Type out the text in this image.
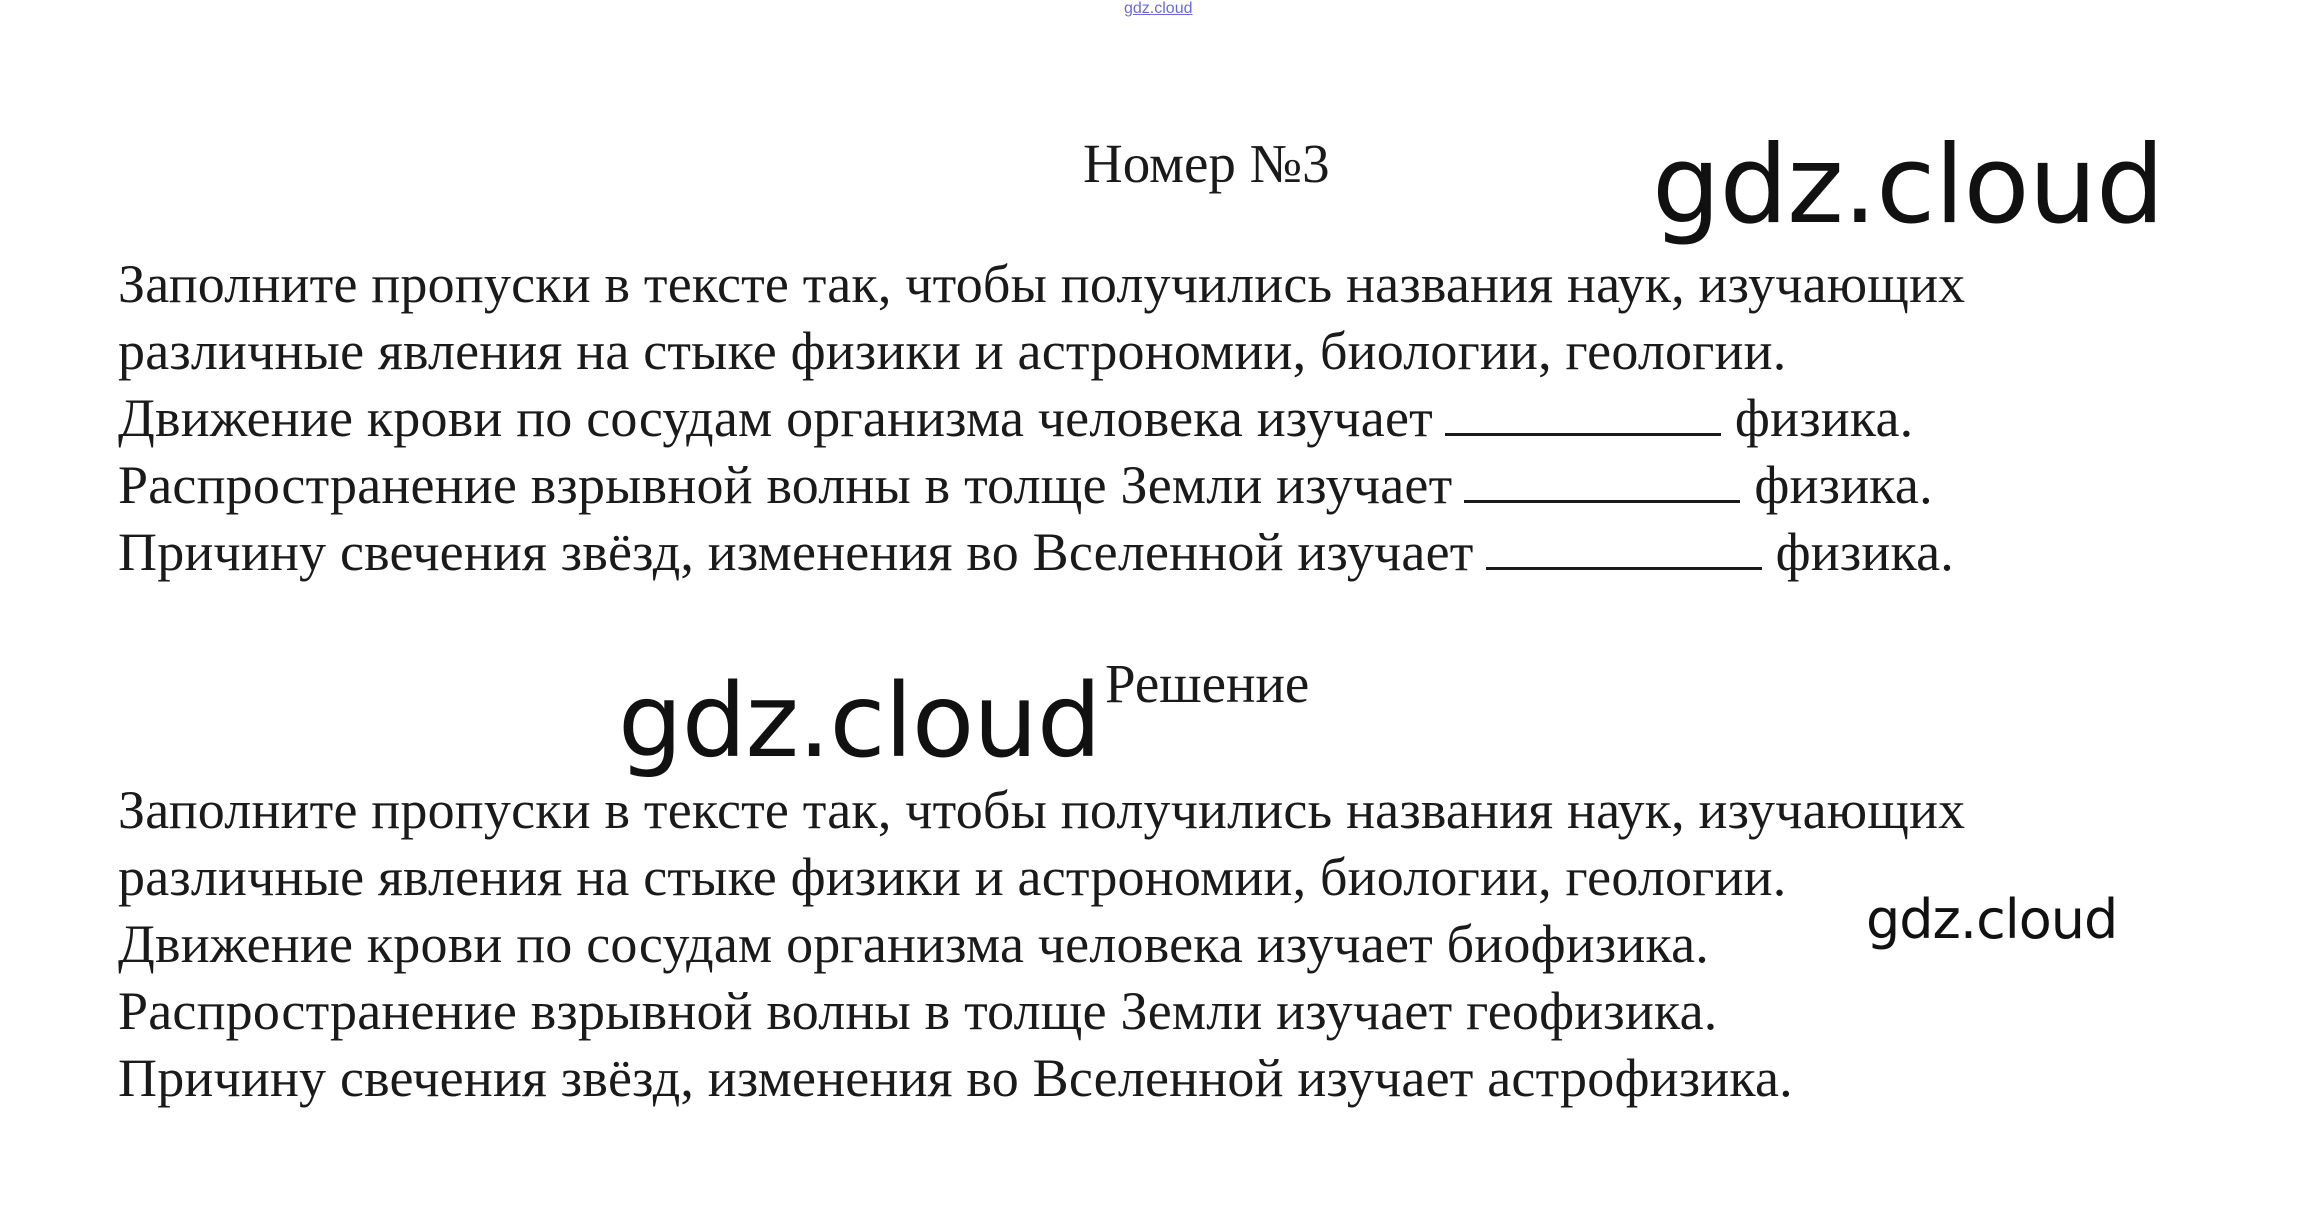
gdz.cloud
Номер №3	gdz.cloud
Заполните пропуски в тексте так, чтобы получились названия наук, изучающих
различные явления на стыке физики и астрономии, биологии, геологии.
Движение крови по сосудам организма человека изучает	физика.
Распространение взрывной волны в толще Земли изучает	физика.
Причину свечения звёзд, изменения во Вселенной изучает	физика.
gdz.cloud Решение
Заполните пропуски в тексте так, чтобы получились названия наук, изучающих
различные явления на стыке физики и астрономии, биологии, геологии.
Движение крови по сосудам организма человека изучает биофизика.
Распространение взрывной волны в толще Земли изучает геофизика.
Причину свечения звёзд, изменения во Вселенной изучает астрофизика.
gdz.cloud
